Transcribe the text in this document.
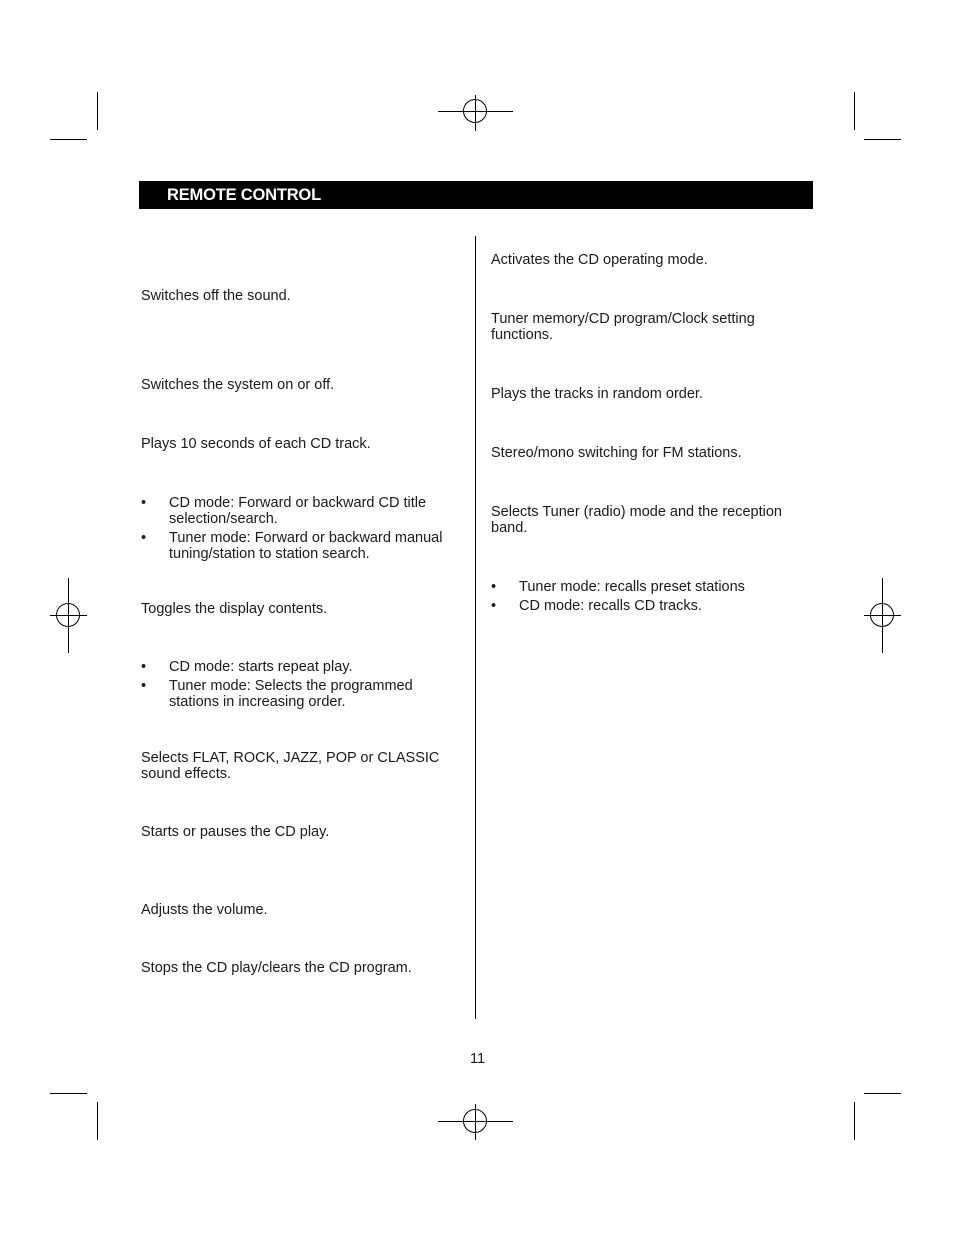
REMOTE CONTROL

Switches off the sound.

Switches the system on or off.

Plays 10 seconds of each CD track.

• CD mode: Forward or backward CD title selection/search.
• Tuner mode: Forward or backward manual tuning/station to station search.

Toggles the display contents.

• CD mode: starts repeat play.
• Tuner mode: Selects the programmed stations in increasing order.

Selects FLAT, ROCK, JAZZ, POP or CLASSIC sound effects.

Starts or pauses the CD play.

Adjusts the volume.

Stops the CD play/clears the CD program.

Activates the CD operating mode.

Tuner memory/CD program/Clock setting functions.

Plays the tracks in random order.

Stereo/mono switching for FM stations.

Selects Tuner (radio) mode and the reception band.

• Tuner mode: recalls preset stations
• CD mode: recalls CD tracks.
11
